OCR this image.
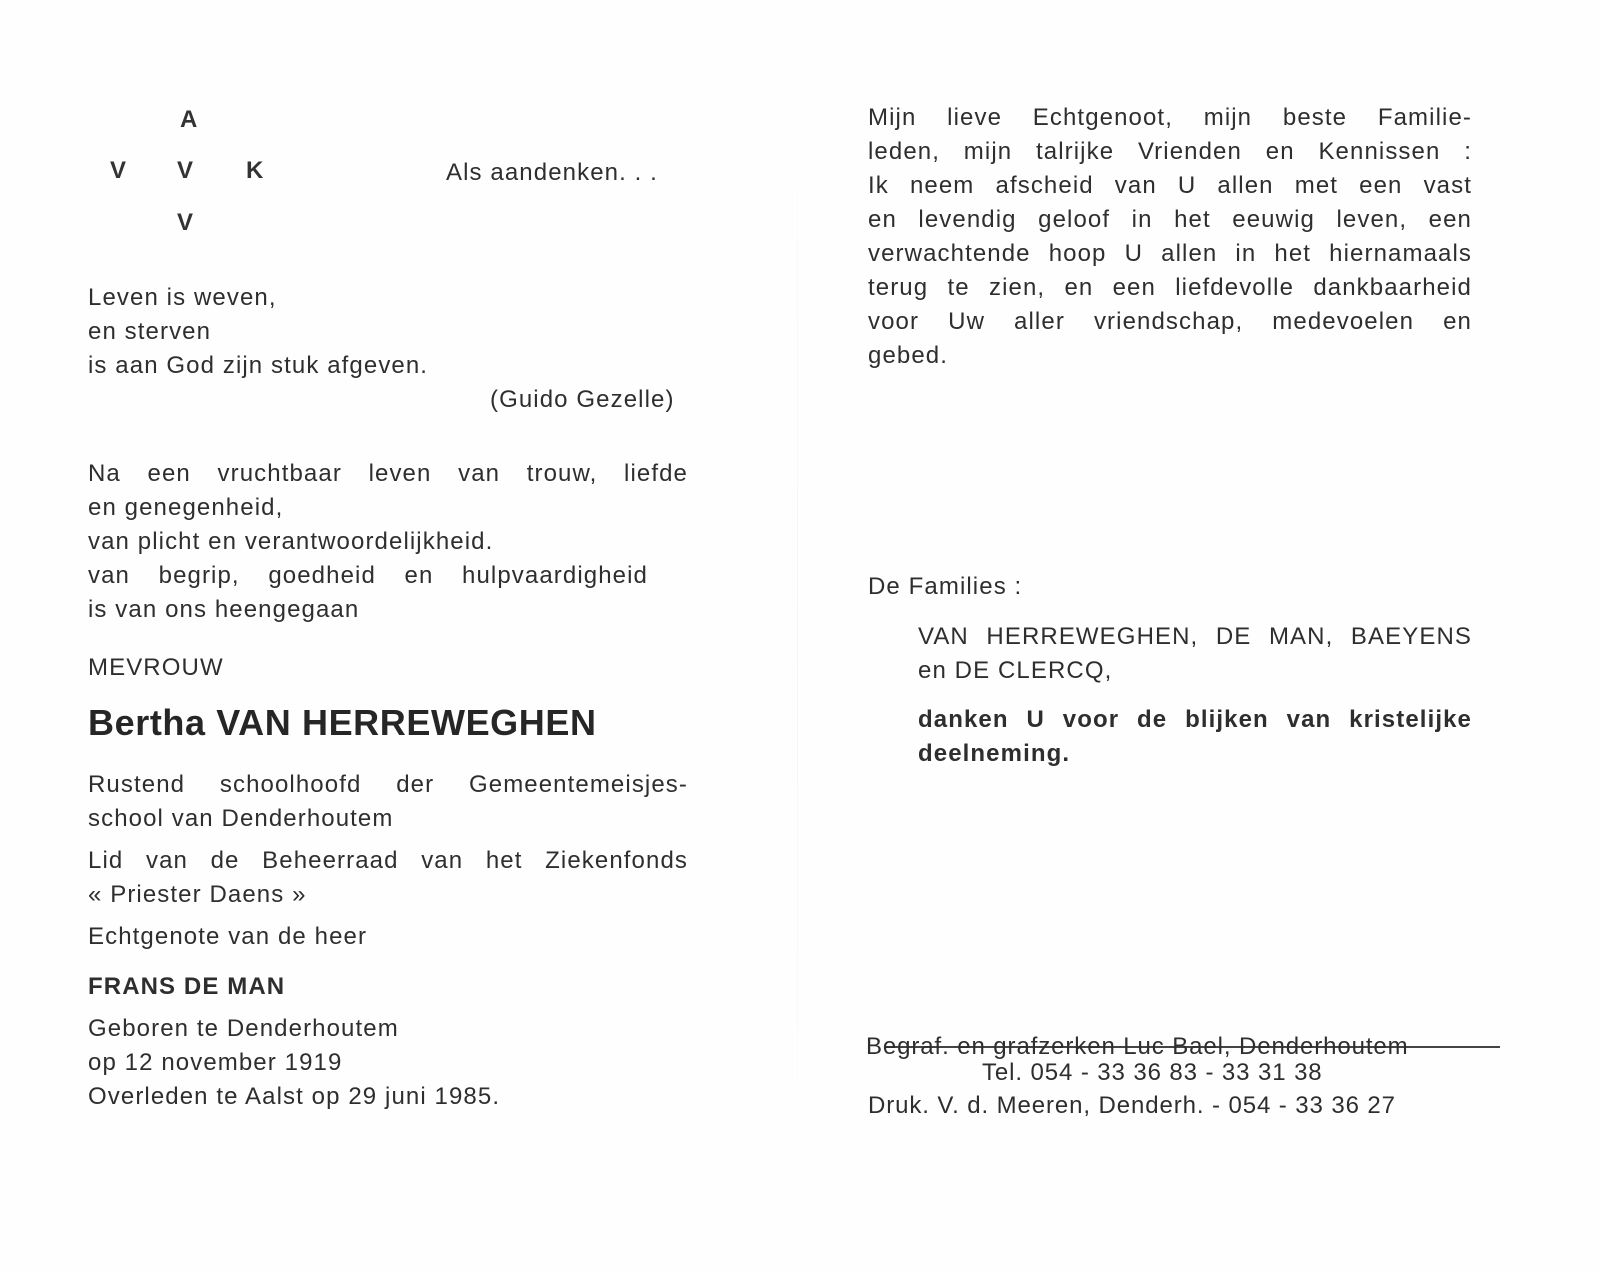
A
V V K
V
Als aandenken. . .
Leven is weven,
en sterven
is aan God zijn stuk afgeven.
(Guido Gezelle)
Na een vruchtbaar leven van trouw, liefde
en genegenheid,
van plicht en verantwoordelijkheid.
van begrip, goedheid en hulpvaardigheid
is van ons heengegaan
MEVROUW
Bertha VAN HERREWEGHEN
Rustend schoolhoofd der Gemeentemeisjes-
school van Denderhoutem
Lid van de Beheerraad van het Ziekenfonds
« Priester Daens »
Echtgenote van de heer
FRANS DE MAN
Geboren te Denderhoutem
op 12 november 1919
Overleden te Aalst op 29 juni 1985.
Mijn lieve Echtgenoot, mijn beste Familie-
leden, mijn talrijke Vrienden en Kennissen :
Ik neem afscheid van U allen met een vast
en levendig geloof in het eeuwig leven, een
verwachtende hoop U allen in het hiernamaals
terug te zien, en een liefdevolle dankbaarheid
voor Uw aller vriendschap, medevoelen en
gebed.
De Families :
VAN HERREWEGHEN, DE MAN, BAEYENS
en DE CLERCQ,
danken U voor de blijken van kristelijke
deelneming.
Begraf. en grafzerken Luc Bael, Denderhoutem
Tel. 054 - 33 36 83 - 33 31 38
Druk. V. d. Meeren, Denderh. - 054 - 33 36 27
